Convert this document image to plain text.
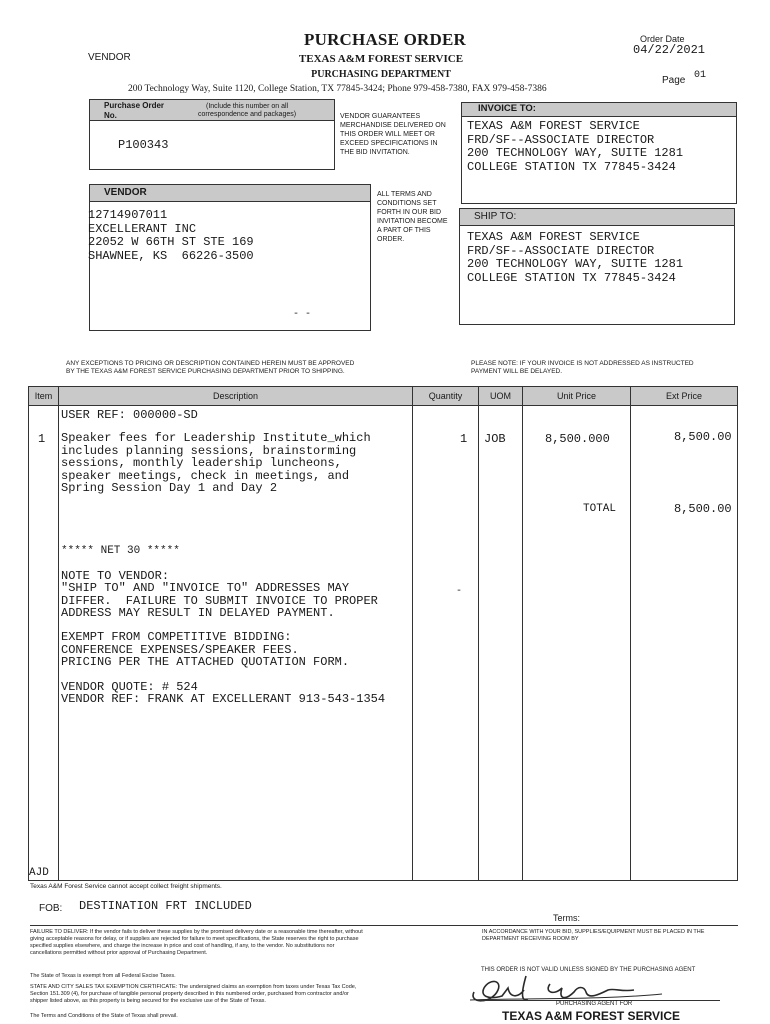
VENDOR
PURCHASE ORDER
TEXAS A&M FOREST SERVICE
PURCHASING DEPARTMENT
200 Technology Way, Suite 1120, College Station, TX 77845-3424; Phone 979-458-7380, FAX 979-458-7386
Order Date
04/22/2021
Page 01
Purchase Order
No.
(Include this number on all
correspondence and packages)
P100343
VENDOR GUARANTEES
MERCHANDISE DELIVERED ON
THIS ORDER WILL MEET OR
EXCEED SPECIFICATIONS IN
THE BID INVITATION.
ALL TERMS AND
CONDITIONS SET
FORTH IN OUR BID
INVITATION BECOME
A PART OF THIS
ORDER.
INVOICE TO:
TEXAS A&M FOREST SERVICE
FRD/SF--ASSOCIATE DIRECTOR
200 TECHNOLOGY WAY, SUITE 1281
COLLEGE STATION TX 77845-3424
SHIP TO:
TEXAS A&M FOREST SERVICE
FRD/SF--ASSOCIATE DIRECTOR
200 TECHNOLOGY WAY, SUITE 1281
COLLEGE STATION TX 77845-3424
VENDOR
12714907011
EXCELLERANT INC
22052 W 66TH ST STE 169
SHAWNEE, KS  66226-3500
- -
ANY EXCEPTIONS TO PRICING OR DESCRIPTION CONTAINED HEREIN MUST BE APPROVED
BY THE TEXAS A&M FOREST SERVICE PURCHASING DEPARTMENT PRIOR TO SHIPPING.
PLEASE NOTE: IF YOUR INVOICE IS NOT ADDRESSED AS INSTRUCTED
PAYMENT WILL BE DELAYED.
Item	Description	Quantity	UOM	Unit Price	Ext Price
USER REF: 000000-SD
1 Speaker fees for Leadership Institute_which
includes planning sessions, brainstorming
sessions, monthly leadership luncheons,
speaker meetings, check in meetings, and
Spring Session Day 1 and Day 2
1 JOB	8,500.000	8,500.00
TOTAL	8,500.00
***** NET 30 *****
NOTE TO VENDOR:
"SHIP TO" AND "INVOICE TO" ADDRESSES MAY
DIFFER.  FAILURE TO SUBMIT INVOICE TO PROPER
ADDRESS MAY RESULT IN DELAYED PAYMENT.

EXEMPT FROM COMPETITIVE BIDDING:
CONFERENCE EXPENSES/SPEAKER FEES.
PRICING PER THE ATTACHED QUOTATION FORM.

VENDOR QUOTE: # 524
VENDOR REF: FRANK AT EXCELLERANT 913-543-1354
-
AJD
Texas A&M Forest Service cannot accept collect freight shipments.
FOB: DESTINATION FRT INCLUDED
Terms:
FAILURE TO DELIVER: If the vendor fails to deliver these supplies by the promised delivery date or a reasonable time thereafter, without
giving acceptable reasons for delay, or if supplies are rejected for failure to meet specifications, the State reserves the right to purchase
specified supplies elsewhere, and charge the increase in price and cost of handling, if any, to the vendor. No substitutions nor
cancellations permitted without prior approval of Purchasing Department.
IN ACCORDANCE WITH YOUR BID, SUPPLIES/EQUIPMENT MUST BE PLACED IN THE
DEPARTMENT RECEIVING ROOM BY
The State of Texas is exempt from all Federal Excise Taxes.
STATE AND CITY SALES TAX EXEMPTION CERTIFICATE: The undersigned claims an exemption from taxes under Texas Tax Code,
Section 151.309 (4), for purchase of tangible personal property described in this numbered order, purchased from contractor and/or
shipper listed above, as this property is being secured for the exclusive use of the State of Texas.
The Terms and Conditions of the State of Texas shall prevail.
THIS ORDER IS NOT VALID UNLESS SIGNED BY THE PURCHASING AGENT
PURCHASING AGENT FOR
TEXAS A&M FOREST SERVICE
